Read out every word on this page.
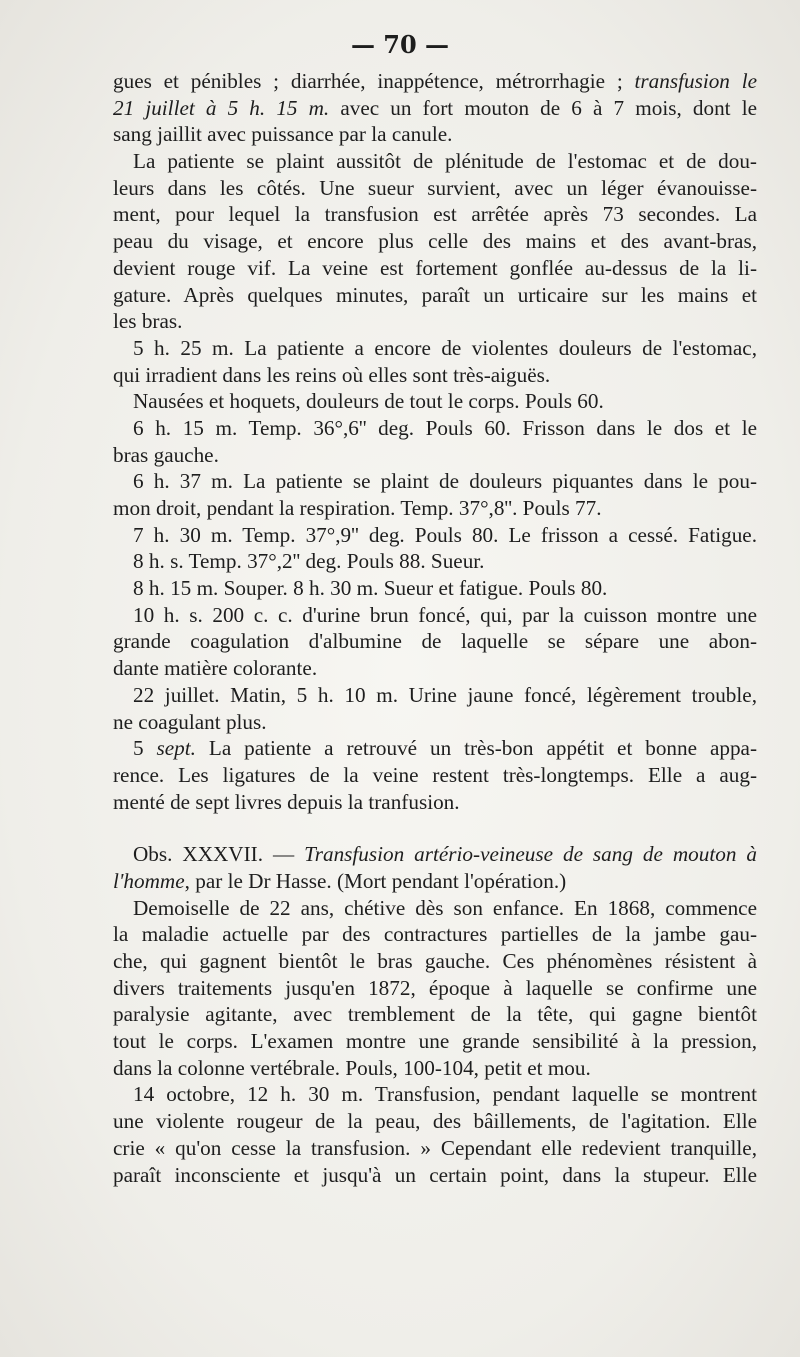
— 70 —
gues et pénibles ; diarrhée, inappétence, métrorrhagie ; transfusion le
21 juillet à 5 h. 15 m. avec un fort mouton de 6 à 7 mois, dont le
sang jaillit avec puissance par la canule.
La patiente se plaint aussitôt de plénitude de l'estomac et de dou-
leurs dans les côtés. Une sueur survient, avec un léger évanouisse-
ment, pour lequel la transfusion est arrêtée après 73 secondes. La
peau du visage, et encore plus celle des mains et des avant-bras,
devient rouge vif. La veine est fortement gonflée au-dessus de la li-
gature. Après quelques minutes, paraît un urticaire sur les mains et
les bras.
5 h. 25 m. La patiente a encore de violentes douleurs de l'estomac,
qui irradient dans les reins où elles sont très-aiguës.
Nausées et hoquets, douleurs de tout le corps. Pouls 60.
6 h. 15 m. Temp. 36°,6'' deg. Pouls 60. Frisson dans le dos et le
bras gauche.
6 h. 37 m. La patiente se plaint de douleurs piquantes dans le pou-
mon droit, pendant la respiration. Temp. 37°,8''. Pouls 77.
7 h. 30 m. Temp. 37°,9'' deg. Pouls 80. Le frisson a cessé. Fatigue.
8 h. s. Temp. 37°,2'' deg. Pouls 88. Sueur.
8 h. 15 m. Souper. 8 h. 30 m. Sueur et fatigue. Pouls 80.
10 h. s. 200 c. c. d'urine brun foncé, qui, par la cuisson montre une
grande coagulation d'albumine de laquelle se sépare une abon-
dante matière colorante.
22 juillet. Matin, 5 h. 10 m. Urine jaune foncé, légèrement trouble,
ne coagulant plus.
5 sept. La patiente a retrouvé un très-bon appétit et bonne appa-
rence. Les ligatures de la veine restent très-longtemps. Elle a aug-
menté de sept livres depuis la tranfusion.
Obs. XXXVII. — Transfusion artério-veineuse de sang de mouton à
l'homme, par le Dr Hasse. (Mort pendant l'opération.)
Demoiselle de 22 ans, chétive dès son enfance. En 1868, commence
la maladie actuelle par des contractures partielles de la jambe gau-
che, qui gagnent bientôt le bras gauche. Ces phénomènes résistent à
divers traitements jusqu'en 1872, époque à laquelle se confirme une
paralysie agitante, avec tremblement de la tête, qui gagne bientôt
tout le corps. L'examen montre une grande sensibilité à la pression,
dans la colonne vertébrale. Pouls, 100-104, petit et mou.
14 octobre, 12 h. 30 m. Transfusion, pendant laquelle se montrent
une violente rougeur de la peau, des bâillements, de l'agitation. Elle
crie « qu'on cesse la transfusion. » Cependant elle redevient tranquille,
paraît inconsciente et jusqu'à un certain point, dans la stupeur. Elle
